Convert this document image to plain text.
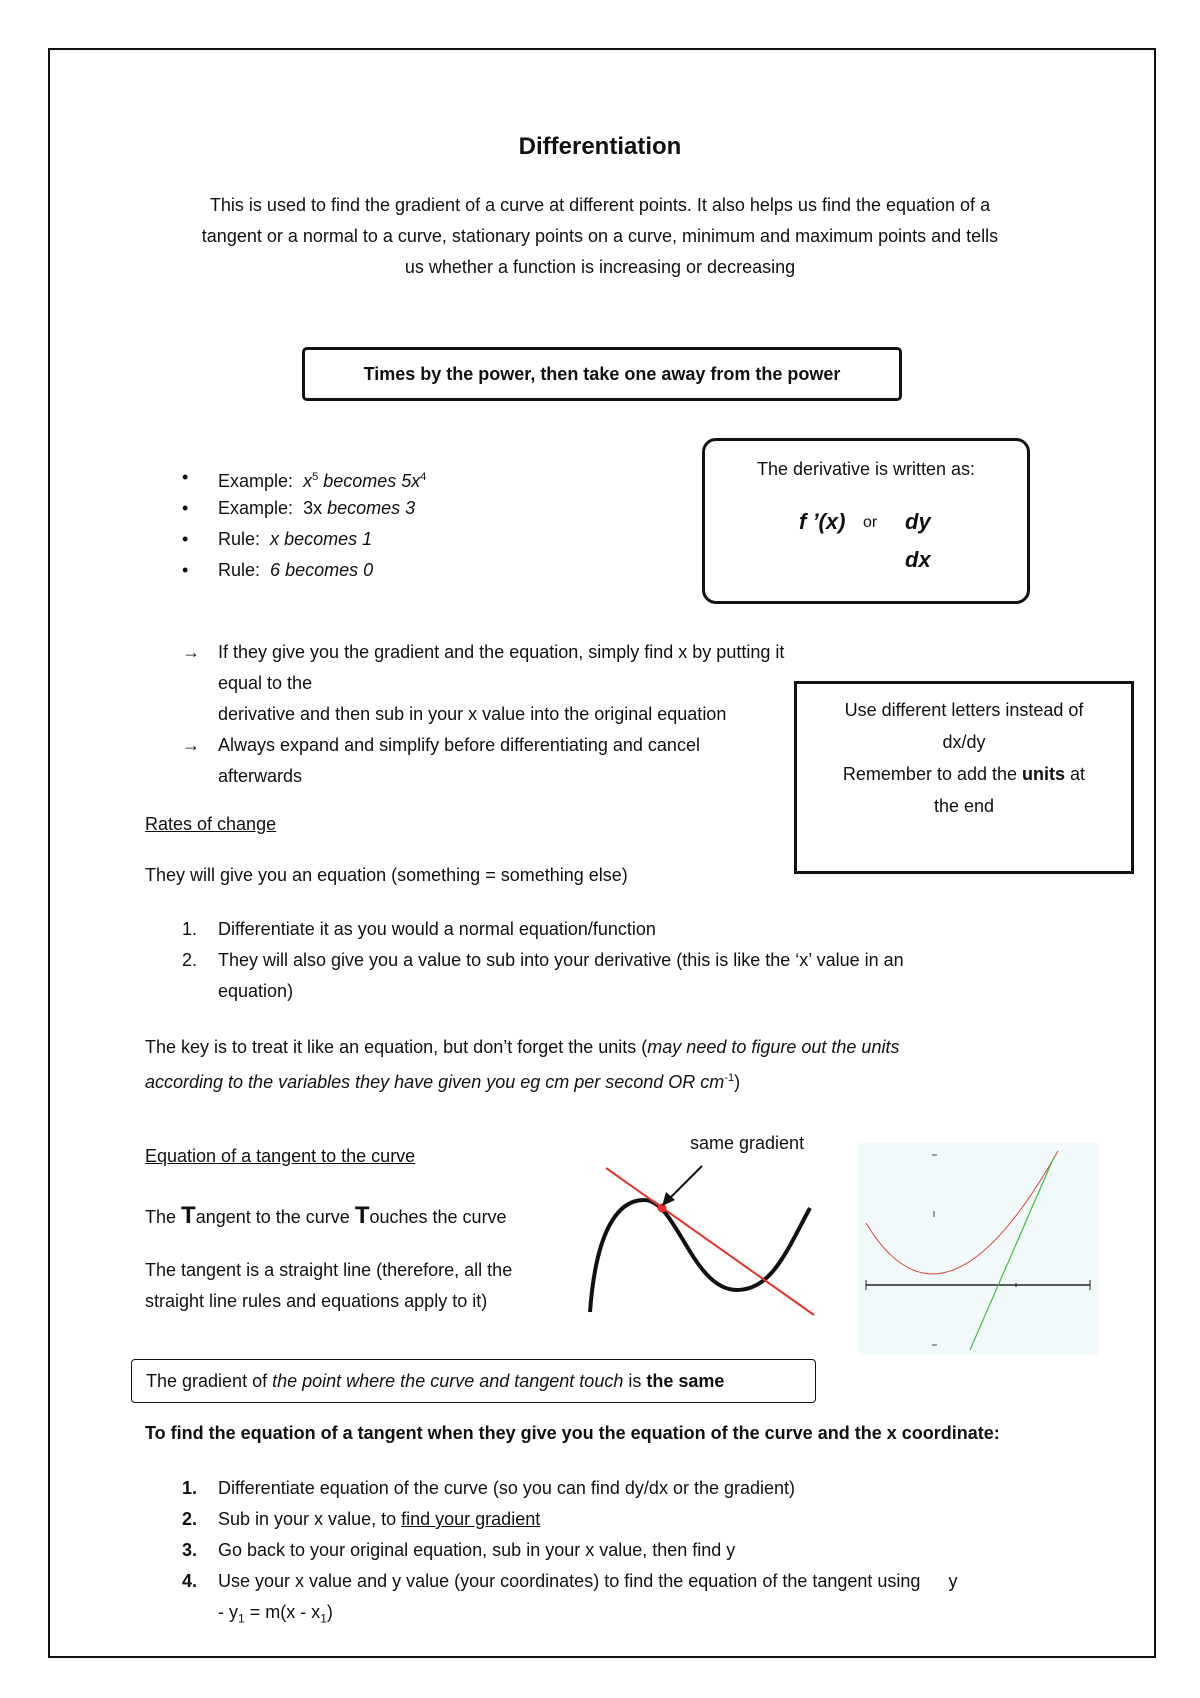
Differentiation
This is used to find the gradient of a curve at different points. It also helps us find the equation of a
tangent or a normal to a curve, stationary points on a curve, minimum and maximum points and tells
us whether a function is increasing or decreasing
Times by the power, then take one away from the power
• Example: $x^5$ becomes $5x^4$
• Example: 3x becomes 3
• Rule: x becomes 1
• Rule: 6 becomes 0
The derivative is written as:
f ’(x) or dy
dx
→ If they give you the gradient and the equation, simply find x by putting it equal to the
derivative and then sub in your x value into the original equation
→ Always expand and simplify before differentiating and cancel
afterwards
Use different letters instead of
dx/dy
Remember to add the units at
the end
Rates of change
They will give you an equation (something = something else)
1. Differentiate it as you would a normal equation/function
2. They will also give you a value to sub into your derivative (this is like the ‘x’ value in an
equation)
The key is to treat it like an equation, but don’t forget the units (may need to figure out the units
according to the variables they have given you eg cm per second OR $cm^{-1}$)
Equation of a tangent to the curve
The Tangent to the curve Touches the curve
The tangent is a straight line (therefore, all the
straight line rules and equations apply to it)
same gradient
The gradient of
the point where the curve and tangent touch
is
the same
To find the equation of a tangent when they give you the equation of the curve and the x coordinate:
1. Differentiate equation of the curve (so you can find dy/dx or the gradient)
2. Sub in your x value, to find your gradient
3. Go back to your original equation, sub in your x value, then find y
4. Use your x value and y value (your coordinates) to find the equation of the tangent using y
- $y_1 = m(x - x_1)$
